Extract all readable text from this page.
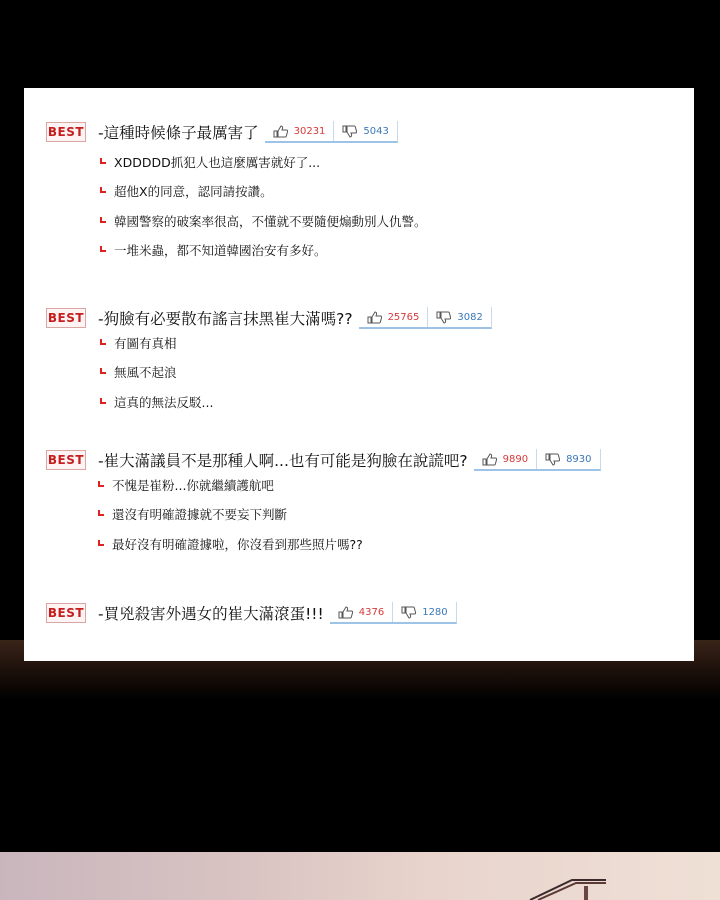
BEST -這種時候條子最厲害了	30231	5043
XDDDDD抓犯人也這麼厲害就好了...
超他X的同意，認同請按讚。
韓國警察的破案率很高，不懂就不要隨便煽動別人仇警。
一堆米蟲，都不知道韓國治安有多好。
BEST -狗臉有必要散布謠言抹黑崔大滿嗎??	25765	3082
有圖有真相
無風不起浪
這真的無法反駁...
BEST -崔大滿議員不是那種人啊...也有可能是狗臉在說謊吧?	9890	8930
不愧是崔粉...你就繼續護航吧
還沒有明確證據就不要妄下判斷
最好沒有明確證據啦，你沒看到那些照片嗎??
BEST -買兇殺害外遇女的崔大滿滾蛋!!!	4376	1280
